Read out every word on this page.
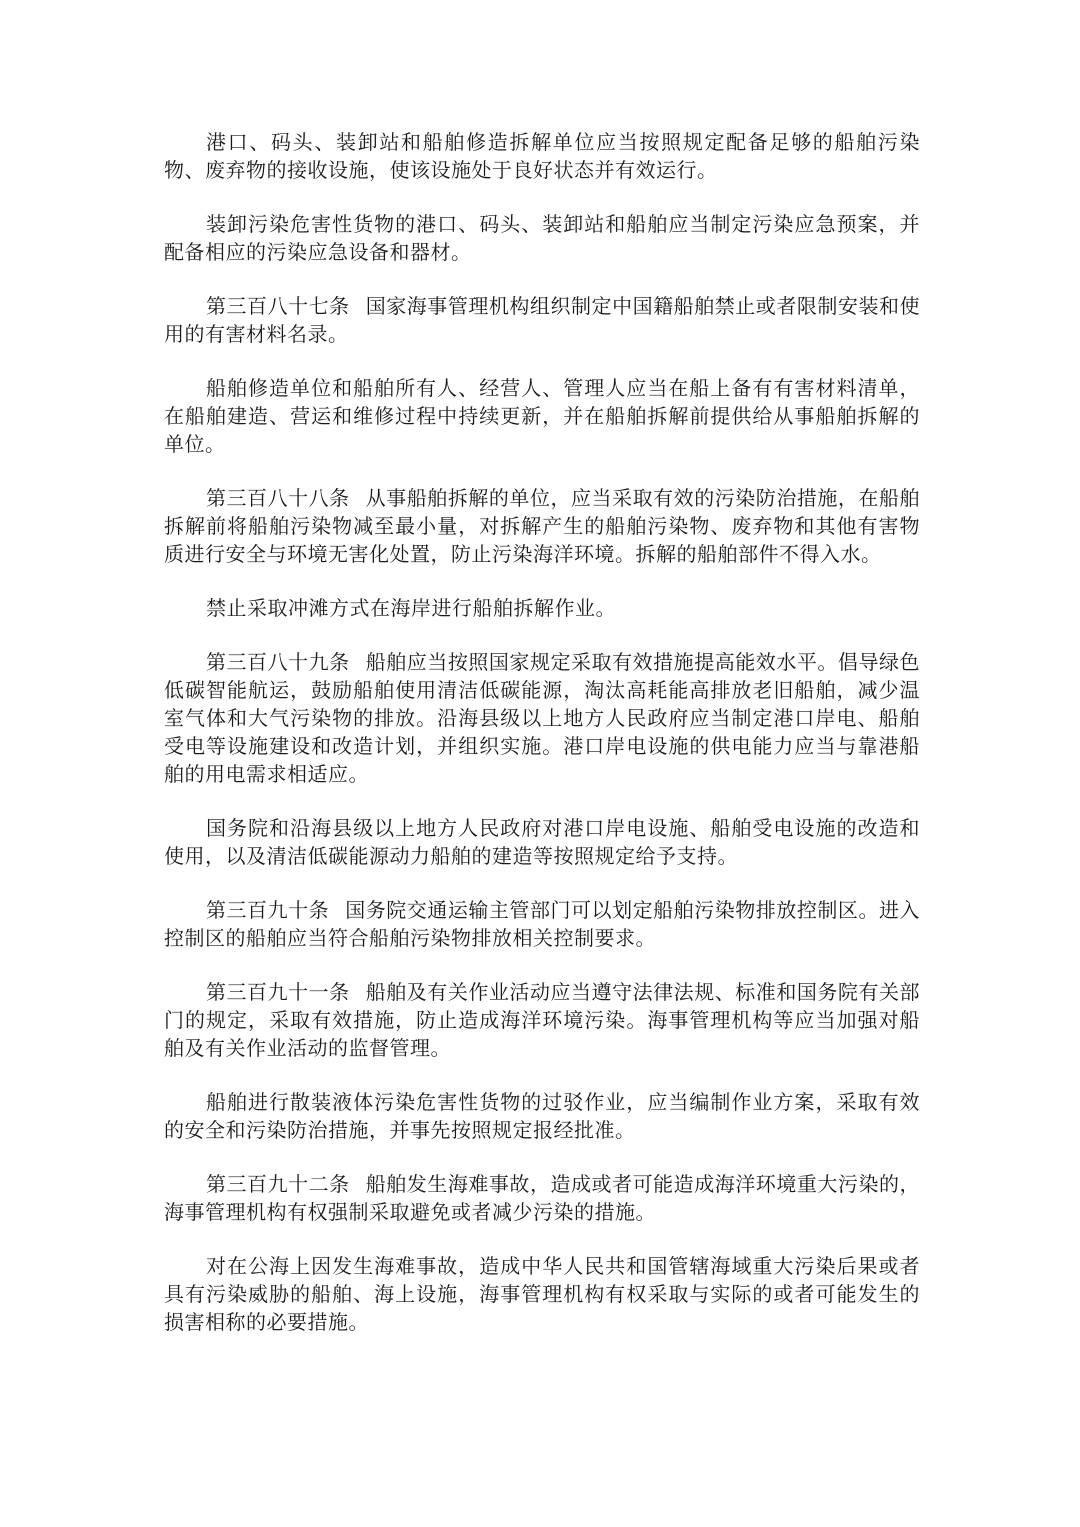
港口、码头、装卸站和船舶修造拆解单位应当按照规定配备足够的船舶污染物、废弃物的接收设施，使该设施处于良好状态并有效运行。

装卸污染危害性货物的港口、码头、装卸站和船舶应当制定污染应急预案，并配备相应的污染应急设备和器材。

第三百八十七条 国家海事管理机构组织制定中国籍船舶禁止或者限制安装和使用的有害材料名录。

船舶修造单位和船舶所有人、经营人、管理人应当在船上备有有害材料清单，在船舶建造、营运和维修过程中持续更新，并在船舶拆解前提供给从事船舶拆解的单位。

第三百八十八条 从事船舶拆解的单位，应当采取有效的污染防治措施，在船舶拆解前将船舶污染物减至最小量，对拆解产生的船舶污染物、废弃物和其他有害物质进行安全与环境无害化处置，防止污染海洋环境。拆解的船舶部件不得入水。

禁止采取冲滩方式在海岸进行船舶拆解作业。

第三百八十九条 船舶应当按照国家规定采取有效措施提高能效水平。倡导绿色低碳智能航运，鼓励船舶使用清洁低碳能源，淘汰高耗能高排放老旧船舶，减少温室气体和大气污染物的排放。沿海县级以上地方人民政府应当制定港口岸电、船舶受电等设施建设和改造计划，并组织实施。港口岸电设施的供电能力应当与靠港船舶的用电需求相适应。

国务院和沿海县级以上地方人民政府对港口岸电设施、船舶受电设施的改造和使用，以及清洁低碳能源动力船舶的建造等按照规定给予支持。

第三百九十条 国务院交通运输主管部门可以划定船舶污染物排放控制区。进入控制区的船舶应当符合船舶污染物排放相关控制要求。

第三百九十一条 船舶及有关作业活动应当遵守法律法规、标准和国务院有关部门的规定，采取有效措施，防止造成海洋环境污染。海事管理机构等应当加强对船舶及有关作业活动的监督管理。

船舶进行散装液体污染危害性货物的过驳作业，应当编制作业方案，采取有效的安全和污染防治措施，并事先按照规定报经批准。

第三百九十二条 船舶发生海难事故，造成或者可能造成海洋环境重大污染的，海事管理机构有权强制采取避免或者减少污染的措施。

对在公海上因发生海难事故，造成中华人民共和国管辖海域重大污染后果或者具有污染威胁的船舶、海上设施，海事管理机构有权采取与实际的或者可能发生的损害相称的必要措施。
